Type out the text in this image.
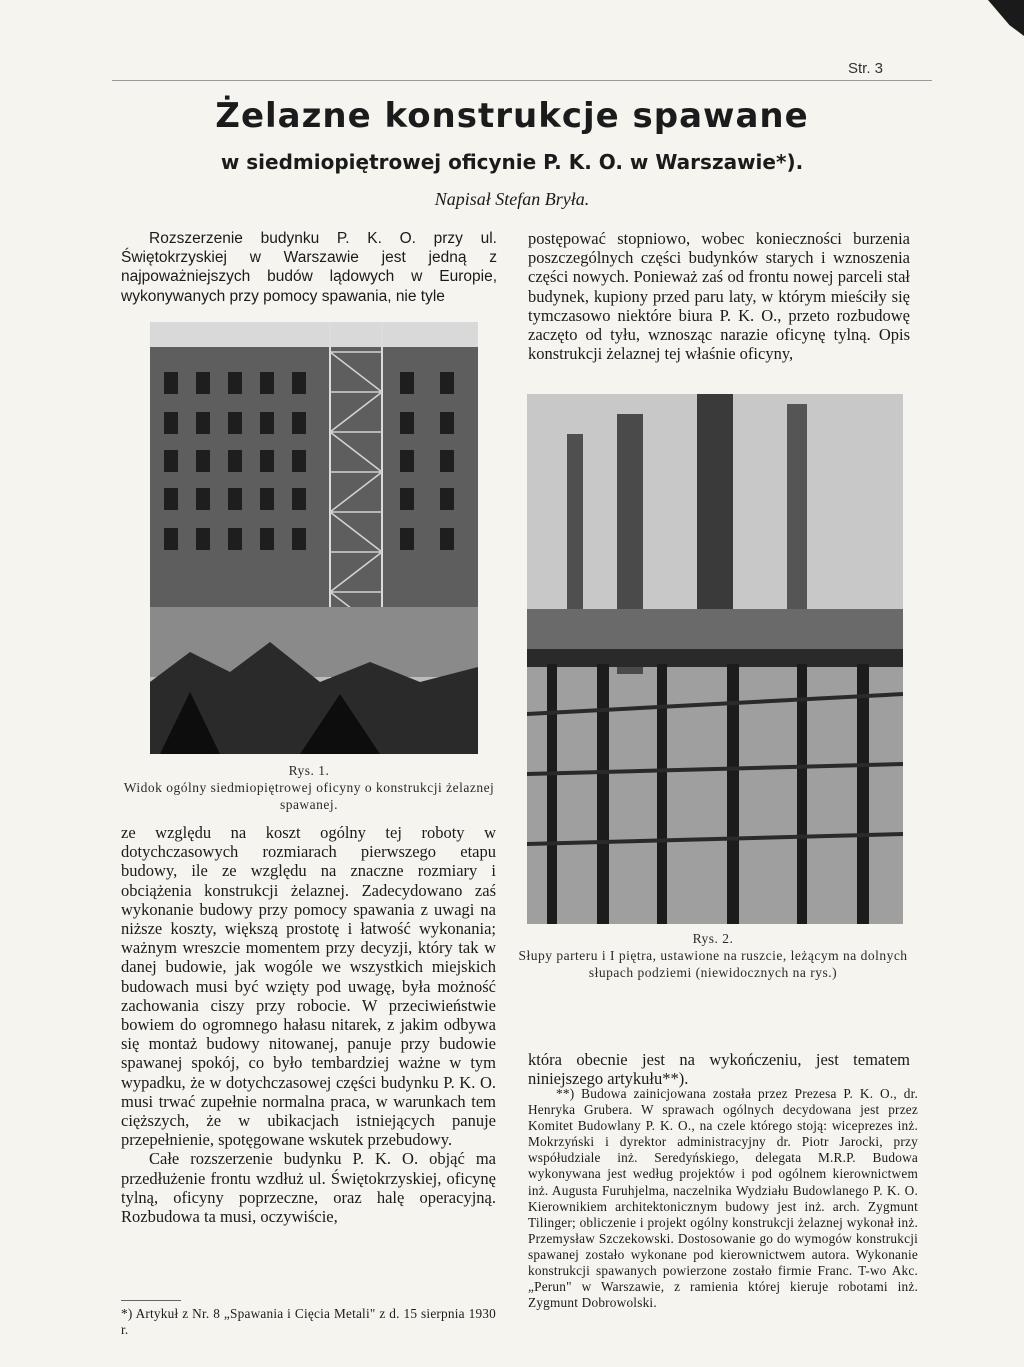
Str. 3
Żelazne konstrukcje spawane
w siedmiopiętrowej oficynie P. K. O. w Warszawie*).
Napisał Stefan Bryła.

Rozszerzenie budynku P. K. O. przy ul. Świętokrzyskiej w Warszawie jest jedną z najpoważniejszych budów lądowych w Europie, wykonywanych przy pomocy spawania, nie tyle

postępować stopniowo, wobec konieczności burzenia poszczególnych części budynków starych i wznoszenia części nowych. Ponieważ zaś od frontu nowej parceli stał budynek, kupiony przed paru laty, w którym mieściły się tymczasowo niektóre biura P. K. O., przeto rozbudowę zaczęto od tyłu, wznosząc narazie oficynę tylną. Opis konstrukcji żelaznej tej właśnie oficyny,

Rys. 1.
Widok ogólny siedmiopiętrowej oficyny o konstrukcji żelaznej spawanej.
Rys. 2.
Słupy parteru i I piętra, ustawione na ruszcie, leżącym na dolnych słupach podziemi (niewidocznych na rys.)

ze względu na koszt ogólny tej roboty w dotychczasowych rozmiarach pierwszego etapu budowy, ile ze względu na znaczne rozmiary i obciążenia konstrukcji żelaznej. Zadecydowano zaś wykonanie budowy przy pomocy spawania z uwagi na niższe koszty, większą prostotę i łatwość wykonania; ważnym wreszcie momentem przy decyzji, który tak w danej budowie, jak wogóle we wszystkich miejskich budowach musi być wzięty pod uwagę, była możność zachowania ciszy przy robocie. W przeciwieństwie bowiem do ogromnego hałasu nitarek, z jakim odbywa się montaż budowy nitowanej, panuje przy budowie spawanej spokój, co było tembardziej ważne w tym wypadku, że w dotychczasowej części budynku P. K. O. musi trwać zupełnie normalna praca, w warunkach tem cięższych, że w ubikacjach istniejących panuje przepełnienie, spotęgowane wskutek przebudowy.

Całe rozszerzenie budynku P. K. O. objąć ma przedłużenie frontu wzdłuż ul. Świętokrzyskiej, oficynę tylną, oficyny poprzeczne, oraz halę operacyjną. Rozbudowa ta musi, oczywiście,

która obecnie jest na wykończeniu, jest tematem niniejszego artykułu**).

*) Artykuł z Nr. 8 „Spawania i Cięcia Metali" z d. 15 sierpnia 1930 r.
**) Budowa zainicjowana została przez Prezesa P. K. O., dr. Henryka Grubera. W sprawach ogólnych decydowana jest przez Komitet Budowlany P. K. O., na czele którego stoją: wiceprezes inż. Mokrzyński i dyrektor administracyjny dr. Piotr Jarocki, przy współudziale inż. Seredyńskiego, delegata M.R.P. Budowa wykonywana jest według projektów i pod ogólnem kierownictwem inż. Augusta Furuhjelma, naczelnika Wydziału Budowlanego P. K. O. Kierownikiem architektonicznym budowy jest inż. arch. Zygmunt Tilinger; obliczenie i projekt ogólny konstrukcji żelaznej wykonał inż. Przemysław Szczekowski. Dostosowanie go do wymogów konstrukcji spawanej zostało wykonane pod kierownictwem autora. Wykonanie konstrukcji spawanych powierzone zostało firmie Franc. T-wo Akc. „Perun" w Warszawie, z ramienia której kieruje robotami inż. Zygmunt Dobrowolski.
